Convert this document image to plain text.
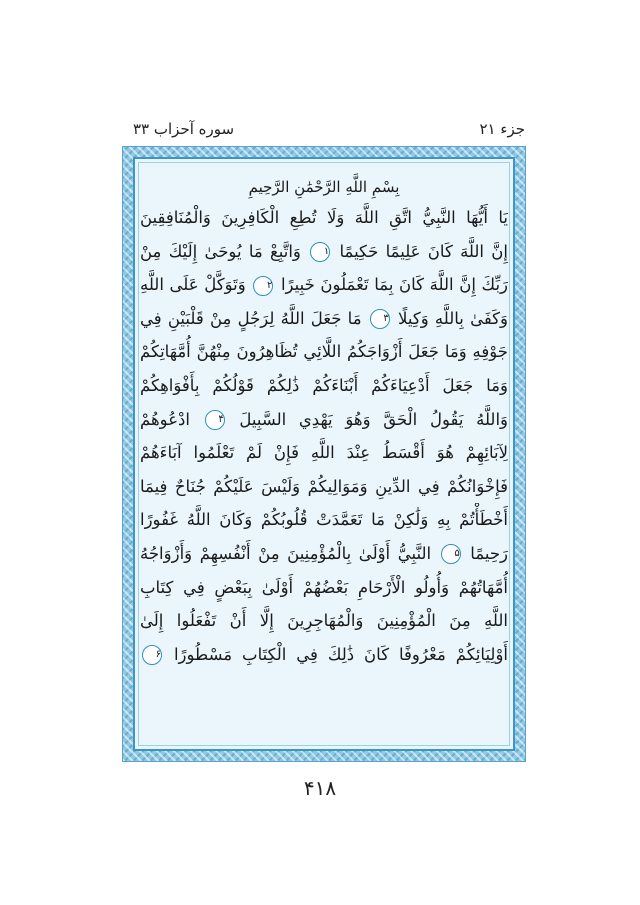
جزء ۲۱
سوره آحزاب ۳۳
بِسْمِ اللَّهِ الرَّحْمَٰنِ الرَّحِيمِ
يَا أَيُّهَا النَّبِيُّ اتَّقِ اللَّهَ وَلَا تُطِعِ الْكَافِرِينَ وَالْمُنَافِقِينَ
إِنَّ اللَّهَ كَانَ عَلِيمًا حَكِيمًا ۱ وَاتَّبِعْ مَا يُوحَىٰ إِلَيْكَ مِنْ
رَبِّكَ إِنَّ اللَّهَ كَانَ بِمَا تَعْمَلُونَ خَبِيرًا ۲ وَتَوَكَّلْ عَلَى اللَّهِ
وَكَفَىٰ بِاللَّهِ وَكِيلًا ۳ مَا جَعَلَ اللَّهُ لِرَجُلٍ مِنْ قَلْبَيْنِ فِي
جَوْفِهِ وَمَا جَعَلَ أَزْوَاجَكُمُ اللَّائِي تُظَاهِرُونَ مِنْهُنَّ أُمَّهَاتِكُمْ
وَمَا جَعَلَ أَدْعِيَاءَكُمْ أَبْنَاءَكُمْ ذَٰلِكُمْ قَوْلُكُمْ بِأَفْوَاهِكُمْ
وَاللَّهُ يَقُولُ الْحَقَّ وَهُوَ يَهْدِي السَّبِيلَ ۴ ادْعُوهُمْ
لِآبَائِهِمْ هُوَ أَقْسَطُ عِنْدَ اللَّهِ فَإِنْ لَمْ تَعْلَمُوا آبَاءَهُمْ
فَإِخْوَانُكُمْ فِي الدِّينِ وَمَوَالِيكُمْ وَلَيْسَ عَلَيْكُمْ جُنَاحٌ فِيمَا
أَخْطَأْتُمْ بِهِ وَلَٰكِنْ مَا تَعَمَّدَتْ قُلُوبُكُمْ وَكَانَ اللَّهُ غَفُورًا
رَحِيمًا ۵ النَّبِيُّ أَوْلَىٰ بِالْمُؤْمِنِينَ مِنْ أَنْفُسِهِمْ وَأَزْوَاجُهُ
أُمَّهَاتُهُمْ وَأُولُو الْأَرْحَامِ بَعْضُهُمْ أَوْلَىٰ بِبَعْضٍ فِي كِتَابِ
اللَّهِ مِنَ الْمُؤْمِنِينَ وَالْمُهَاجِرِينَ إِلَّا أَنْ تَفْعَلُوا إِلَىٰ
أَوْلِيَائِكُمْ مَعْرُوفًا كَانَ ذَٰلِكَ فِي الْكِتَابِ مَسْطُورًا ۶
۴۱۸
